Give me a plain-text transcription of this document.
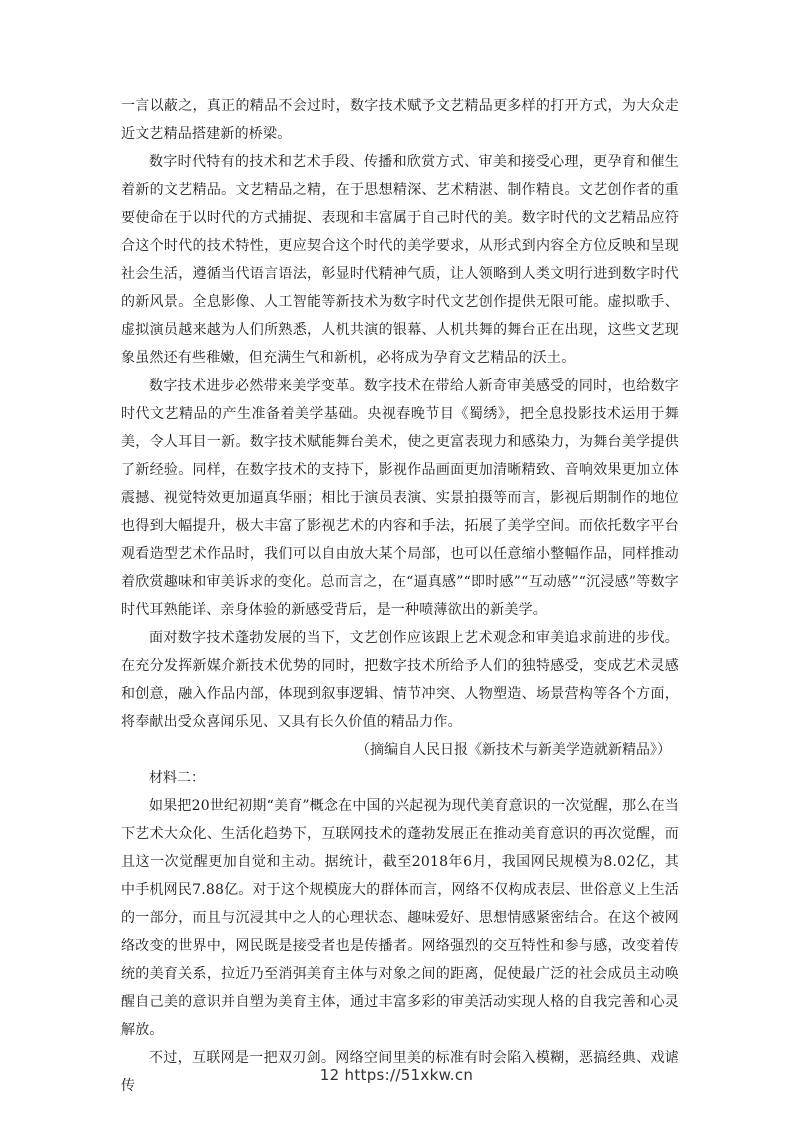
一言以蔽之，真正的精品不会过时，数字技术赋予文艺精品更多样的打开方式，为大众走近文艺精品搭建新的桥梁。

数字时代特有的技术和艺术手段、传播和欣赏方式、审美和接受心理，更孕育和催生着新的文艺精品。文艺精品之精，在于思想精深、艺术精湛、制作精良。文艺创作者的重要使命在于以时代的方式捕捉、表现和丰富属于自己时代的美。数字时代的文艺精品应符合这个时代的技术特性，更应契合这个时代的美学要求，从形式到内容全方位反映和呈现社会生活，遵循当代语言语法，彰显时代精神气质，让人领略到人类文明行进到数字时代的新风景。全息影像、人工智能等新技术为数字时代文艺创作提供无限可能。虚拟歌手、虚拟演员越来越为人们所熟悉，人机共演的银幕、人机共舞的舞台正在出现，这些文艺现象虽然还有些稚嫩，但充满生气和新机，必将成为孕育文艺精品的沃土。

数字技术进步必然带来美学变革。数字技术在带给人新奇审美感受的同时，也给数字时代文艺精品的产生准备着美学基础。央视春晚节目《蜀绣》，把全息投影技术运用于舞美，令人耳目一新。数字技术赋能舞台美术，使之更富表现力和感染力，为舞台美学提供了新经验。同样，在数字技术的支持下，影视作品画面更加清晰精致、音响效果更加立体震撼、视觉特效更加逼真华丽；相比于演员表演、实景拍摄等而言，影视后期制作的地位也得到大幅提升，极大丰富了影视艺术的内容和手法，拓展了美学空间。而依托数字平台观看造型艺术作品时，我们可以自由放大某个局部，也可以任意缩小整幅作品，同样推动着欣赏趣味和审美诉求的变化。总而言之，在“逼真感”“即时感”“互动感”“沉浸感”等数字时代耳熟能详、亲身体验的新感受背后，是一种喷薄欲出的新美学。

面对数字技术蓬勃发展的当下，文艺创作应该跟上艺术观念和审美追求前进的步伐。在充分发挥新媒介新技术优势的同时，把数字技术所给予人们的独特感受，变成艺术灵感和创意，融入作品内部，体现到叙事逻辑、情节冲突、人物塑造、场景营构等各个方面，将奉献出受众喜闻乐见、又具有长久价值的精品力作。

（摘编自人民日报《新技术与新美学造就新精品》）

材料二：

如果把20世纪初期“美育”概念在中国的兴起视为现代美育意识的一次觉醒，那么在当下艺术大众化、生活化趋势下，互联网技术的蓬勃发展正在推动美育意识的再次觉醒，而且这一次觉醒更加自觉和主动。据统计，截至2018年6月，我国网民规模为8.02亿，其中手机网民7.88亿。对于这个规模庞大的群体而言，网络不仅构成表层、世俗意义上生活的一部分，而且与沉浸其中之人的心理状态、趣味爱好、思想情感紧密结合。在这个被网络改变的世界中，网民既是接受者也是传播者。网络强烈的交互特性和参与感，改变着传统的美育关系，拉近乃至消弭美育主体与对象之间的距离，促使最广泛的社会成员主动唤醒自己美的意识并自塑为美育主体，通过丰富多彩的审美活动实现人格的自我完善和心灵解放。

不过，互联网是一把双刃剑。网络空间里美的标准有时会陷入模糊，恶搞经典、戏谑传

12 https://51xkw.cn
